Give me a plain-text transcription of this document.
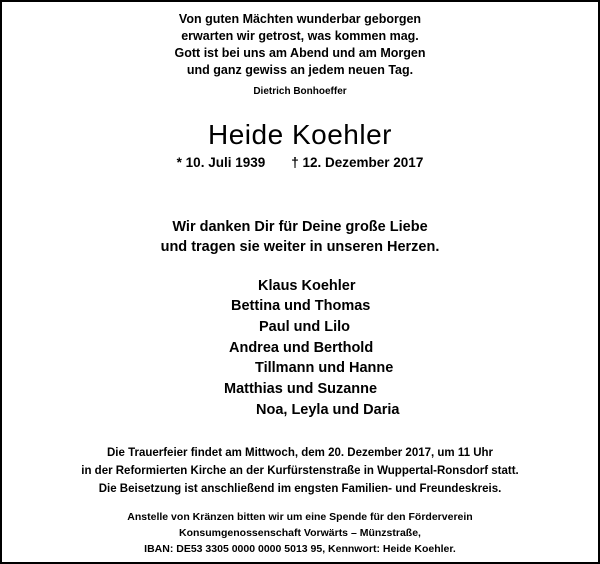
Von guten Mächten wunderbar geborgen
erwarten wir getrost, was kommen mag.
Gott ist bei uns am Abend und am Morgen
und ganz gewiss an jedem neuen Tag.
Dietrich Bonhoeffer
Heide Koehler
* 10. Juli 1939 † 12. Dezember 2017
Wir danken Dir für Deine große Liebe
und tragen sie weiter in unseren Herzen.
Klaus Koehler
Bettina und Thomas
Paul und Lilo
Andrea und Berthold
Tillmann und Hanne
Matthias und Suzanne
Noa, Leyla und Daria
Die Trauerfeier findet am Mittwoch, dem 20. Dezember 2017, um 11 Uhr
in der Reformierten Kirche an der Kurfürstenstraße in Wuppertal-Ronsdorf statt.
Die Beisetzung ist anschließend im engsten Familien- und Freundeskreis.
Anstelle von Kränzen bitten wir um eine Spende für den Förderverein
Konsumgenossenschaft Vorwärts – Münzstraße,
IBAN: DE53 3305 0000 0000 5013 95, Kennwort: Heide Koehler.
